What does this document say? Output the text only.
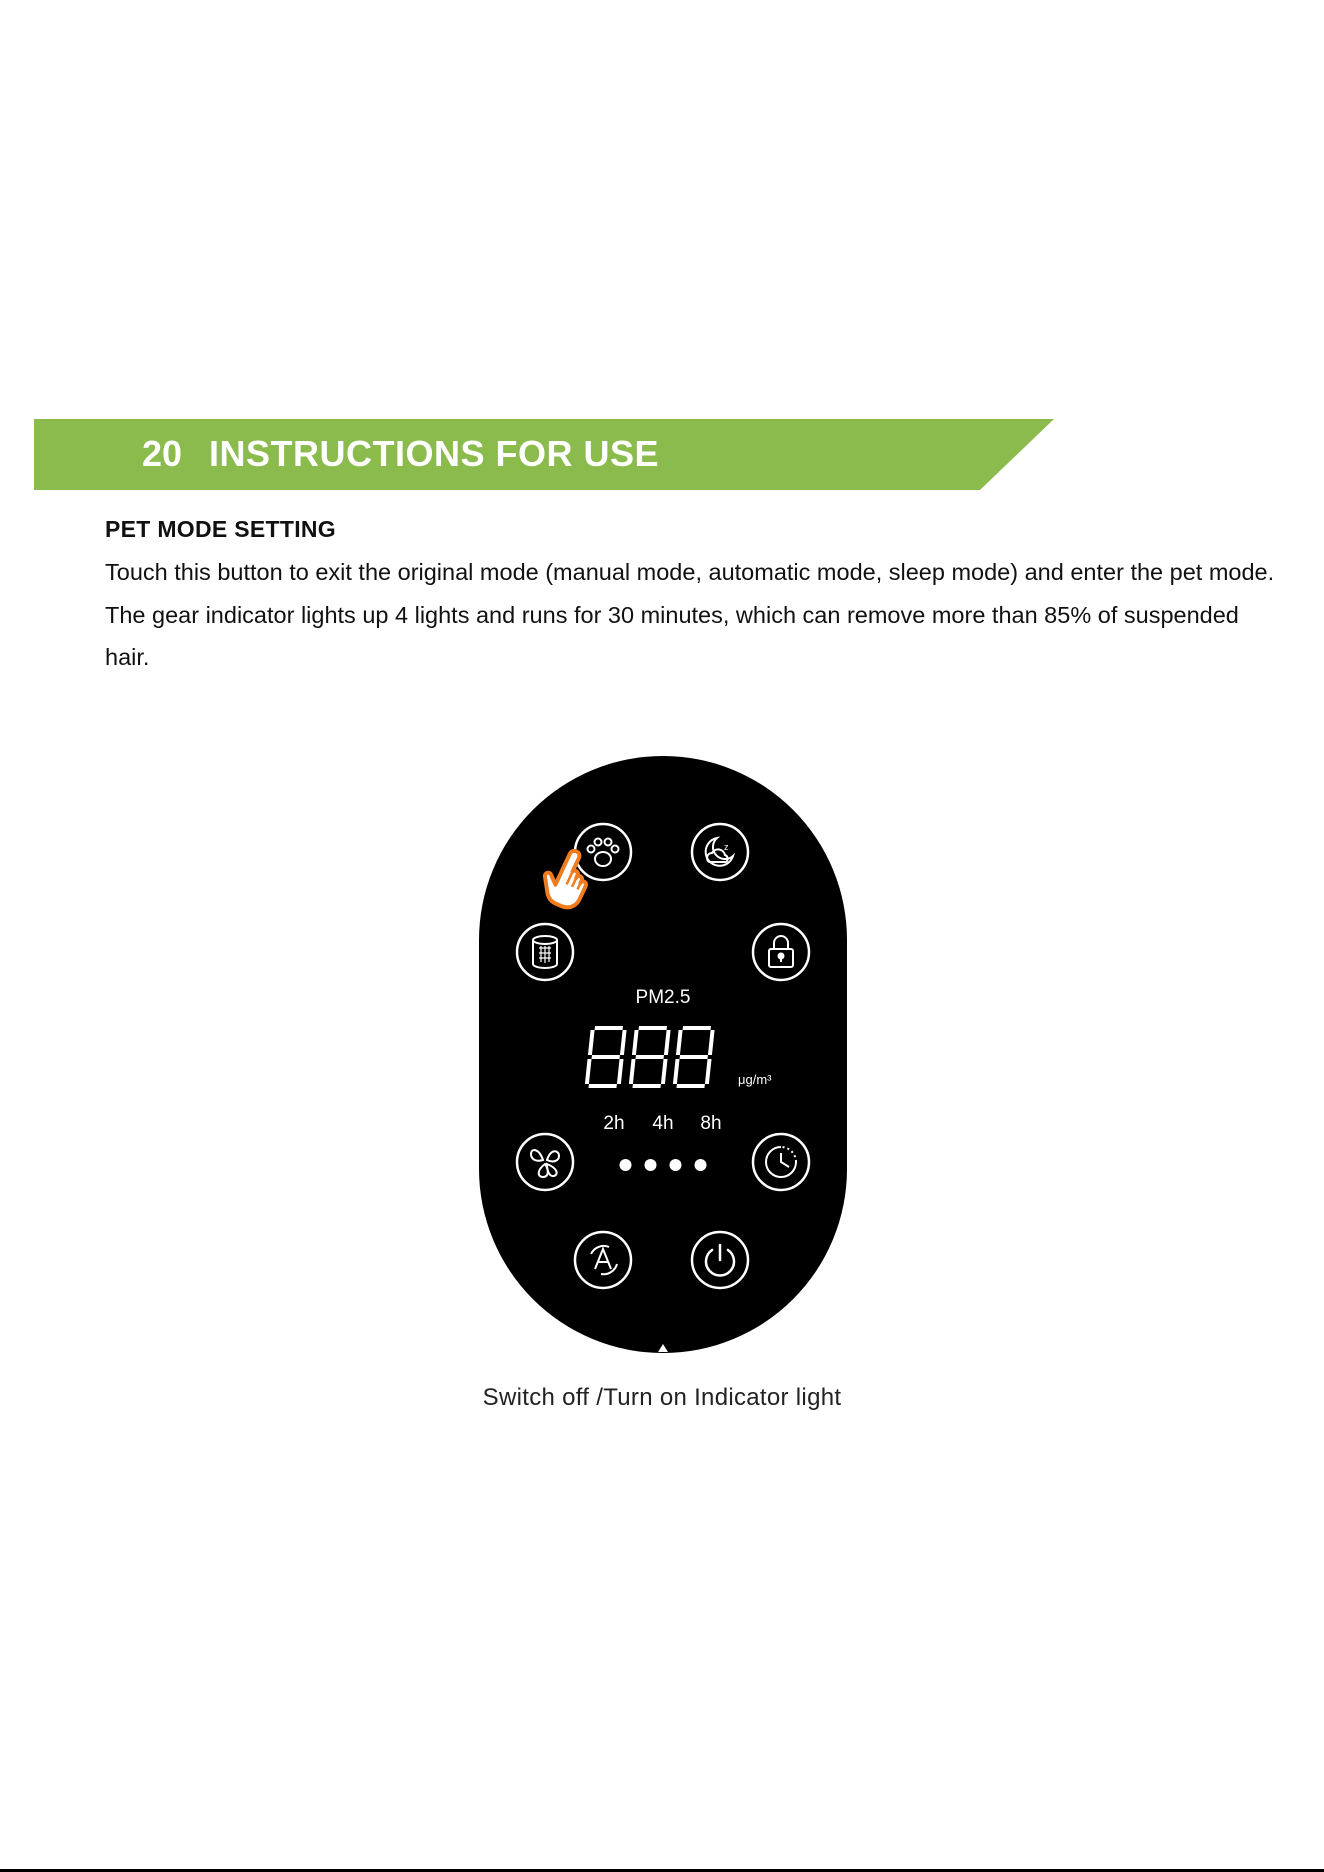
20 INSTRUCTIONS FOR USE
PET MODE SETTING

Touch this button to exit the original mode (manual mode, automatic mode, sleep mode) and enter the pet mode. The gear indicator lights up 4 lights and runs for 30 minutes, which can remove more than 85% of suspended hair.

z
PM2.5
μg/m³
2h 4h 8h
Switch off /Turn on Indicator light
